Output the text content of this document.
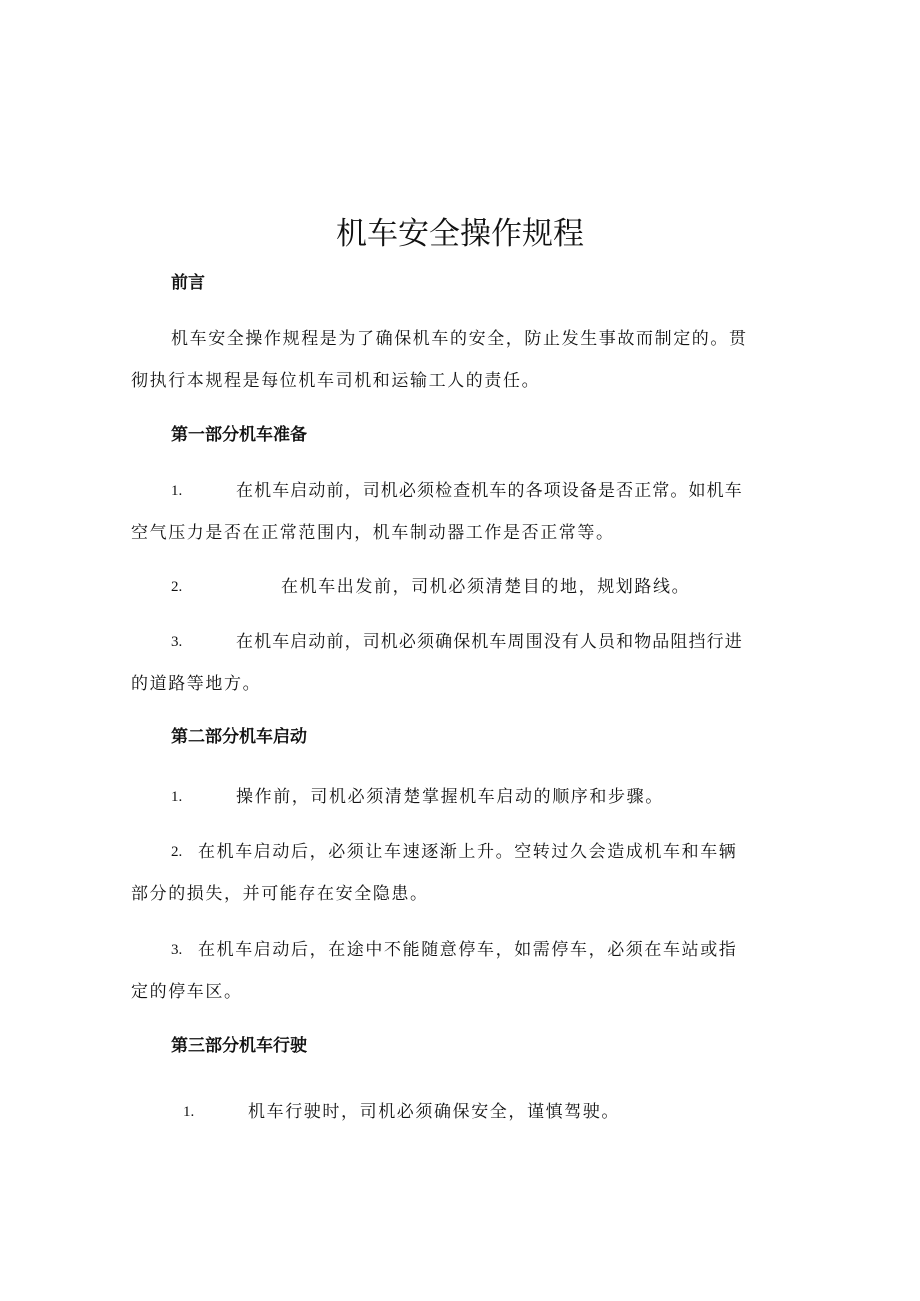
机车安全操作规程
前言
机车安全操作规程是为了确保机车的安全，防止发生事故而制定的。贯
彻执行本规程是每位机车司机和运输工人的责任。
第一部分机车准备
1.	在机车启动前，司机必须检查机车的各项设备是否正常。如机车
空气压力是否在正常范围内，机车制动器工作是否正常等。
2.	在机车出发前，司机必须清楚目的地，规划路线。
3.	在机车启动前，司机必须确保机车周围没有人员和物品阻挡行进
的道路等地方。
第二部分机车启动
1.	操作前，司机必须清楚掌握机车启动的顺序和步骤。
2. 在机车启动后，必须让车速逐渐上升。空转过久会造成机车和车辆
部分的损失，并可能存在安全隐患。
3. 在机车启动后，在途中不能随意停车，如需停车，必须在车站或指
定的停车区。
第三部分机车行驶
1.	机车行驶时，司机必须确保安全，谨慎驾驶。
